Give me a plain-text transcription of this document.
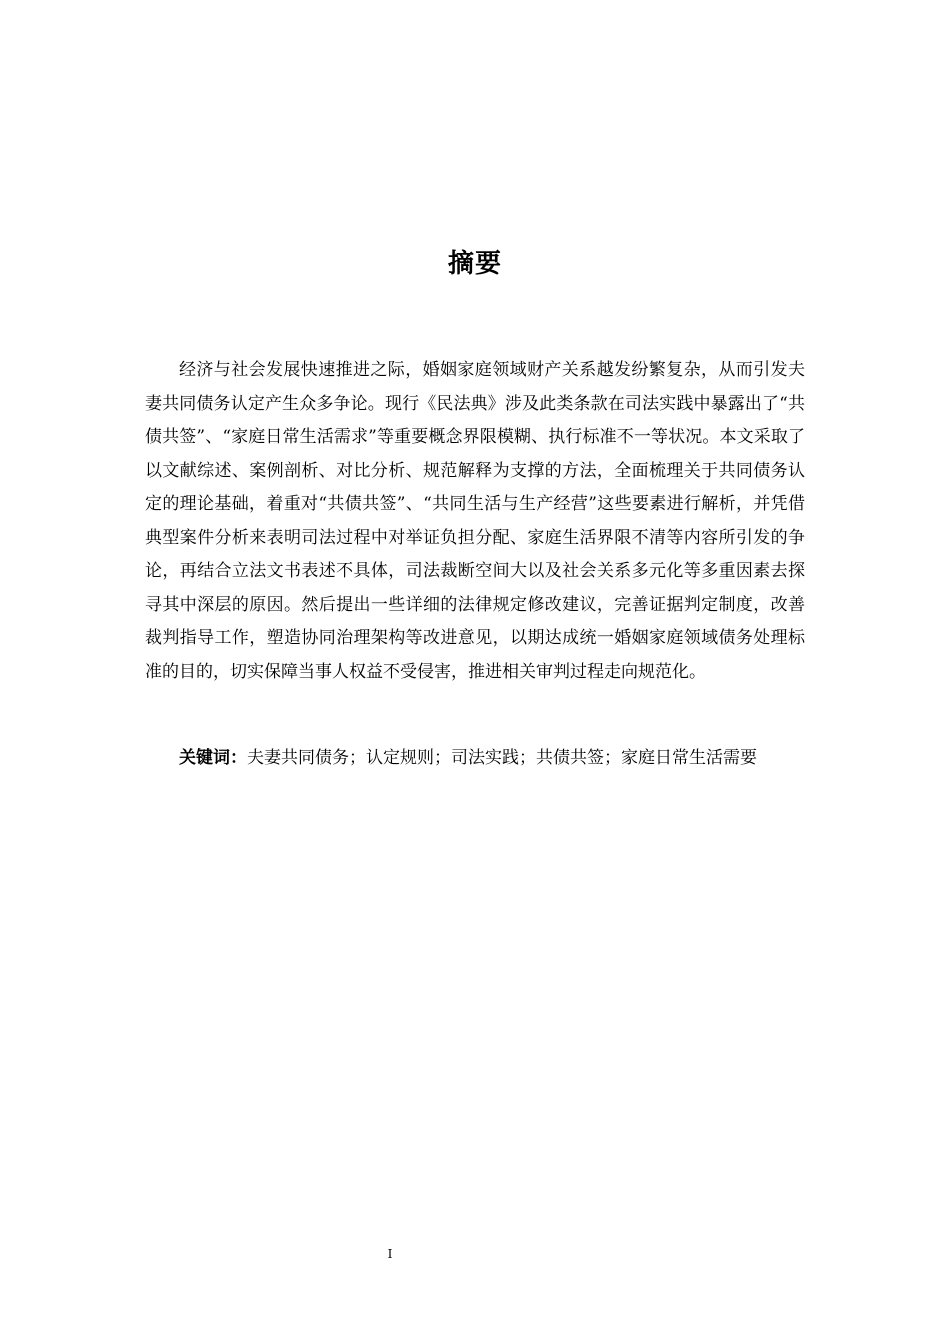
摘要

经济与社会发展快速推进之际，婚姻家庭领域财产关系越发纷繁复杂，从而引发夫妻共同债务认定产生众多争论。现行《民法典》涉及此类条款在司法实践中暴露出了“共债共签”、“家庭日常生活需求”等重要概念界限模糊、执行标准不一等状况。本文采取了以文献综述、案例剖析、对比分析、规范解释为支撑的方法，全面梳理关于共同债务认定的理论基础，着重对“共债共签”、“共同生活与生产经营”这些要素进行解析，并凭借典型案件分析来表明司法过程中对举证负担分配、家庭生活界限不清等内容所引发的争论，再结合立法文书表述不具体，司法裁断空间大以及社会关系多元化等多重因素去探寻其中深层的原因。然后提出一些详细的法律规定修改建议，完善证据判定制度，改善裁判指导工作，塑造协同治理架构等改进意见，以期达成统一婚姻家庭领域债务处理标准的目的，切实保障当事人权益不受侵害，推进相关审判过程走向规范化。

关键词：夫妻共同债务；认定规则；司法实践；共债共签；家庭日常生活需要

I
